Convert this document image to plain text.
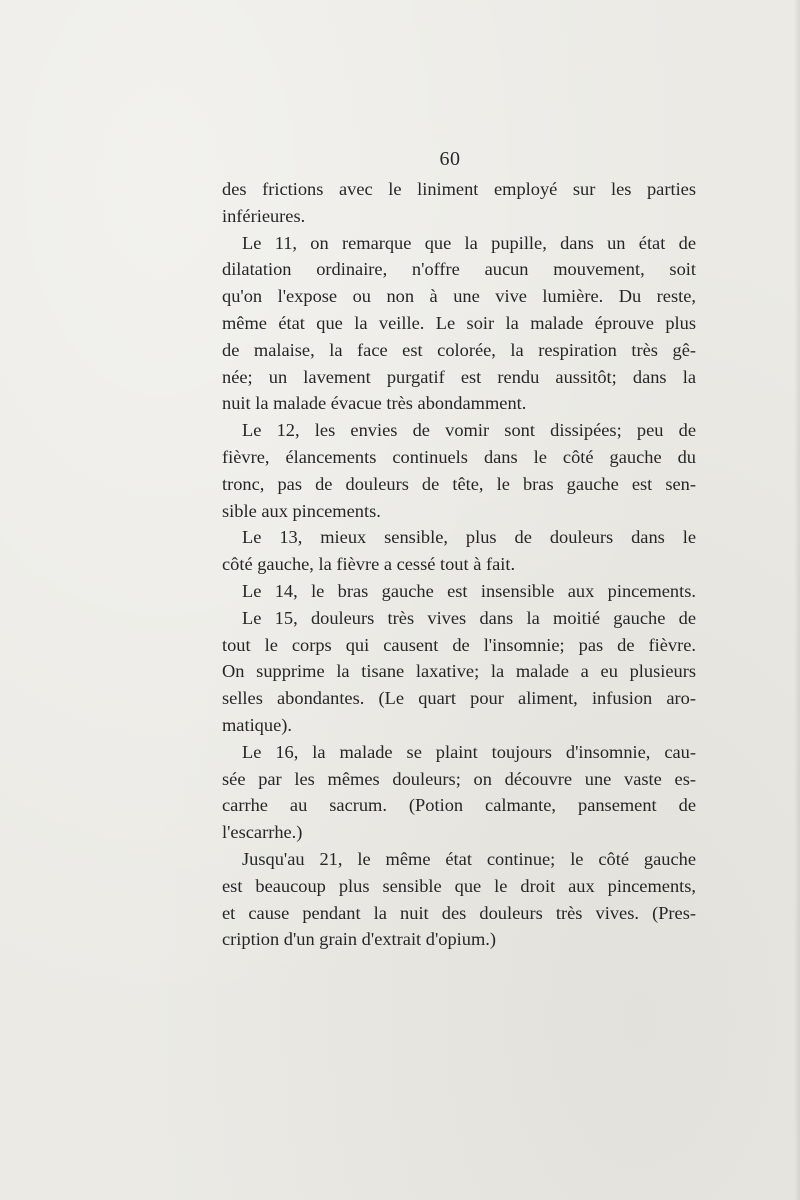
60
des frictions avec le liniment employé sur les parties
inférieures.
Le 11, on remarque que la pupille, dans un état de
dilatation ordinaire, n'offre aucun mouvement, soit
qu'on l'expose ou non à une vive lumière. Du reste,
même état que la veille. Le soir la malade éprouve plus
de malaise, la face est colorée, la respiration très gê-
née; un lavement purgatif est rendu aussitôt; dans la
nuit la malade évacue très abondamment.
Le 12, les envies de vomir sont dissipées; peu de
fièvre, élancements continuels dans le côté gauche du
tronc, pas de douleurs de tête, le bras gauche est sen-
sible aux pincements.
Le 13, mieux sensible, plus de douleurs dans le
côté gauche, la fièvre a cessé tout à fait.
Le 14, le bras gauche est insensible aux pincements.
Le 15, douleurs très vives dans la moitié gauche de
tout le corps qui causent de l'insomnie; pas de fièvre.
On supprime la tisane laxative; la malade a eu plusieurs
selles abondantes. (Le quart pour aliment, infusion aro-
matique).
Le 16, la malade se plaint toujours d'insomnie, cau-
sée par les mêmes douleurs; on découvre une vaste es-
carrhe au sacrum. (Potion calmante, pansement de
l'escarrhe.)
Jusqu'au 21, le même état continue; le côté gauche
est beaucoup plus sensible que le droit aux pincements,
et cause pendant la nuit des douleurs très vives. (Pres-
cription d'un grain d'extrait d'opium.)
